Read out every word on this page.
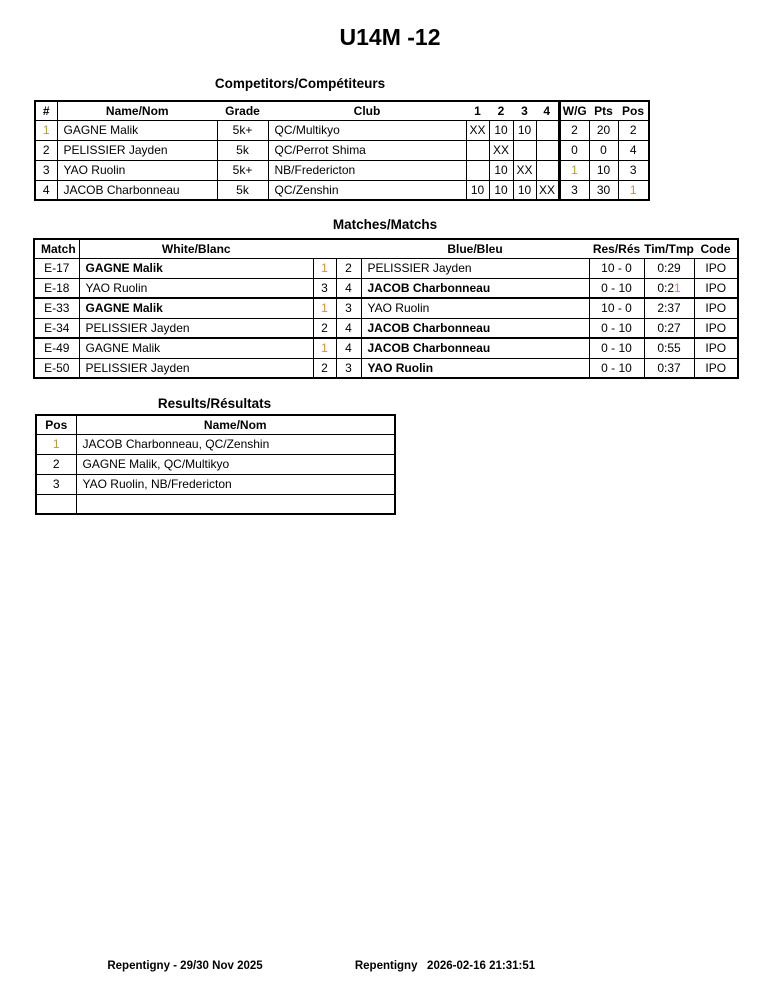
U14M -12
Competitors/Compétiteurs
#	Name/Nom	Grade	Club	1	2	3	4	W/G	Pts	Pos
1	GAGNE Malik	5k+	QC/Multikyo	XX	10	10		2	20	2
2	PELISSIER Jayden	5k	QC/Perrot Shima		XX			0	0	4
3	YAO Ruolin	5k+	NB/Fredericton		10	XX		1	10	3
4	JACOB Charbonneau	5k	QC/Zenshin	10	10	10	XX	3	30	1
Matches/Matchs
Match	White/Blanc			Blue/Bleu	Res/Rés	Tim/Tmp	Code
E-17	GAGNE Malik	1	2	PELISSIER Jayden	10 - 0	0:29	IPO
E-18	YAO Ruolin	3	4	JACOB Charbonneau	0 - 10	0:21	IPO
E-33	GAGNE Malik	1	3	YAO Ruolin	10 - 0	2:37	IPO
E-34	PELISSIER Jayden	2	4	JACOB Charbonneau	0 - 10	0:27	IPO
E-49	GAGNE Malik	1	4	JACOB Charbonneau	0 - 10	0:55	IPO
E-50	PELISSIER Jayden	2	3	YAO Ruolin	0 - 10	0:37	IPO
Results/Résultats
Pos	Name/Nom
1	JACOB Charbonneau, QC/Zenshin
2	GAGNE Malik, QC/Multikyo
3	YAO Ruolin, NB/Fredericton

Repentigny - 29/30 Nov 2025	Repentigny   2026-02-16 21:31:51
